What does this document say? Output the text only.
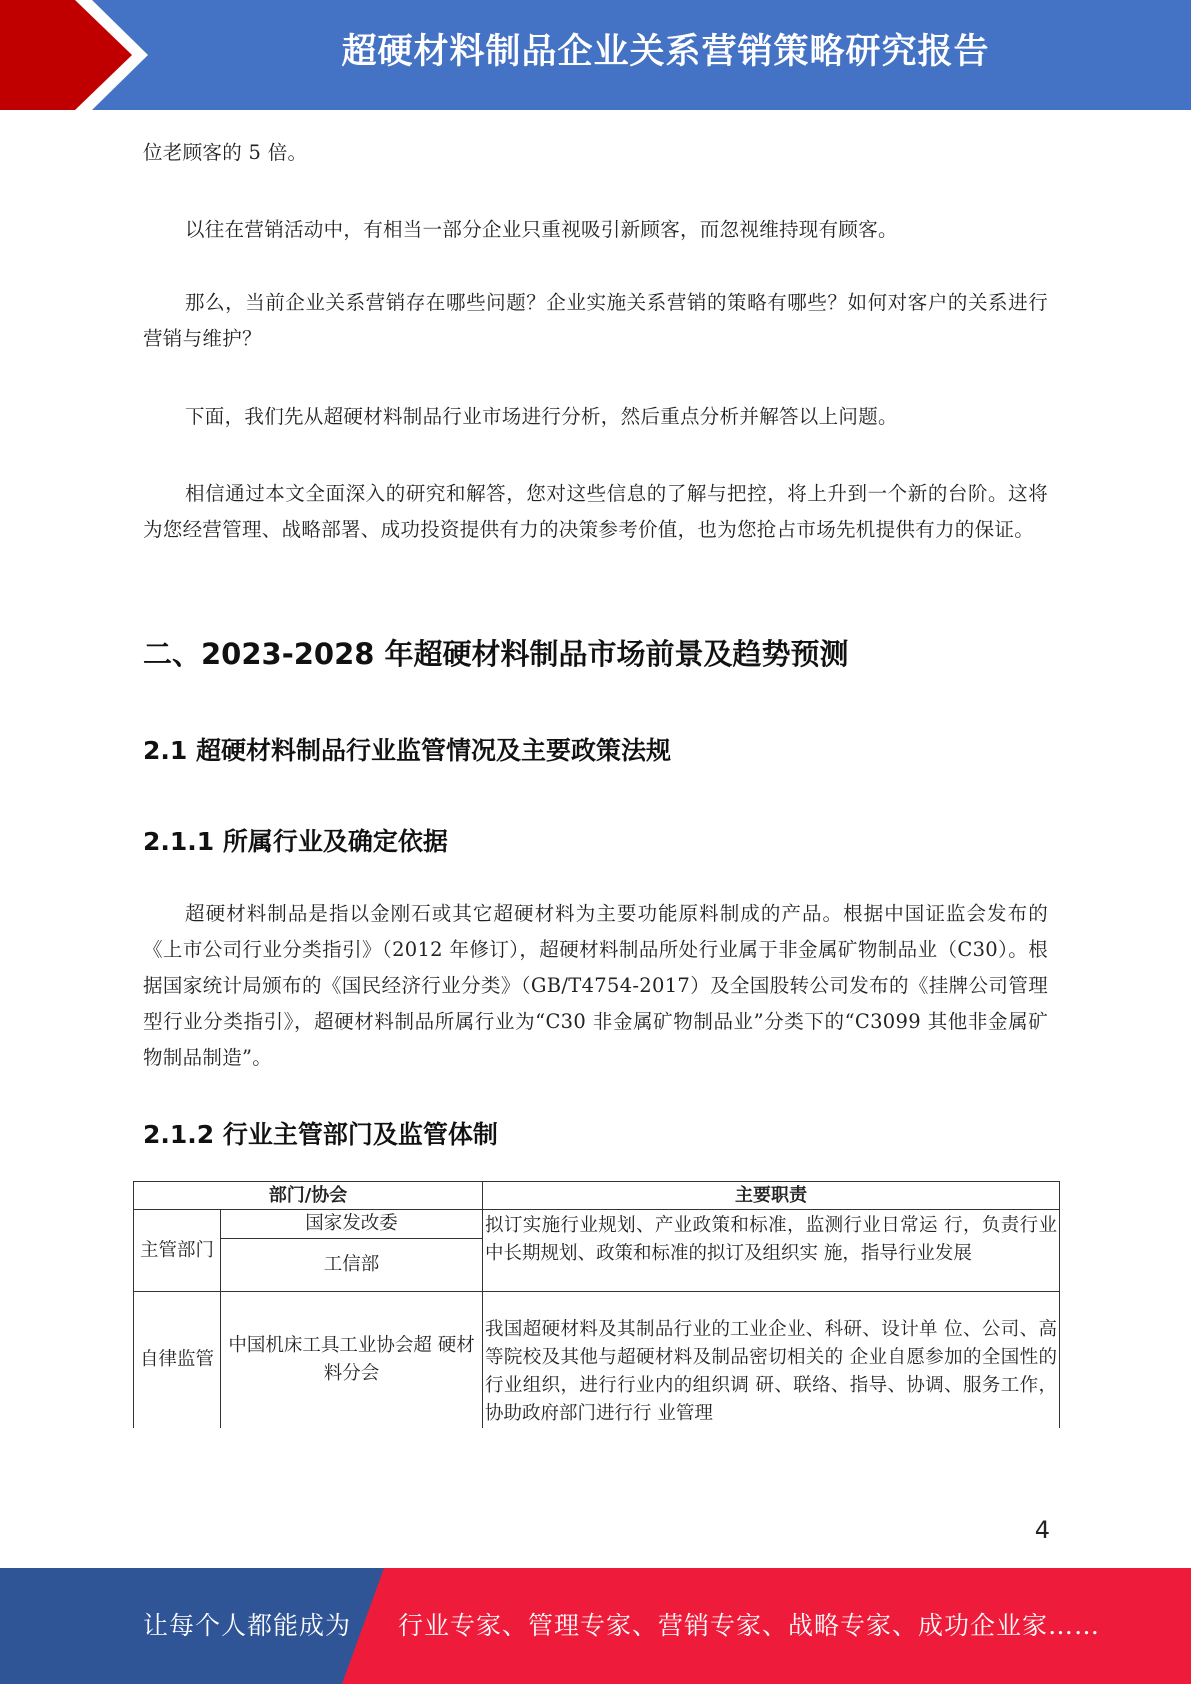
超硬材料制品企业关系营销策略研究报告

位老顾客的 5 倍。

以往在营销活动中，有相当一部分企业只重视吸引新顾客，而忽视维持现有顾客。

那么，当前企业关系营销存在哪些问题？企业实施关系营销的策略有哪些？如何对客户的关系进行营销与维护？

下面，我们先从超硬材料制品行业市场进行分析，然后重点分析并解答以上问题。

相信通过本文全面深入的研究和解答，您对这些信息的了解与把控，将上升到一个新的台阶。这将为您经营管理、战略部署、成功投资提供有力的决策参考价值，也为您抢占市场先机提供有力的保证。

二、2023-2028 年超硬材料制品市场前景及趋势预测
2.1 超硬材料制品行业监管情况及主要政策法规
2.1.1 所属行业及确定依据

超硬材料制品是指以金刚石或其它超硬材料为主要功能原料制成的产品。根据中国证监会发布的《上市公司行业分类指引》（2012 年修订），超硬材料制品所处行业属于非金属矿物制品业（C30）。根据国家统计局颁布的《国民经济行业分类》（GB/T4754-2017）及全国股转公司发布的《挂牌公司管理型行业分类指引》，超硬材料制品所属行业为“C30 非金属矿物制品业”分类下的“C3099 其他非金属矿物制品制造”。

2.1.2 行业主管部门及监管体制
部门/协会		主要职责
主管部门	国家发改委	拟订实施行业规划、产业政策和标准，监测行业日常运 行，负责行业中长期规划、政策和标准的拟订及组织实 施，指导行业发展
	工信部	
自律监管	中国机床工具工业协会超 硬材料分会	我国超硬材料及其制品行业的工业企业、科研、设计单 位、公司、高等院校及其他与超硬材料及制品密切相关的 企业自愿参加的全国性的行业组织，进行行业内的组织调 研、联络、指导、协调、服务工作，协助政府部门进行行 业管理
4
让每个人都能成为 行业专家、管理专家、营销专家、战略专家、成功企业家……
